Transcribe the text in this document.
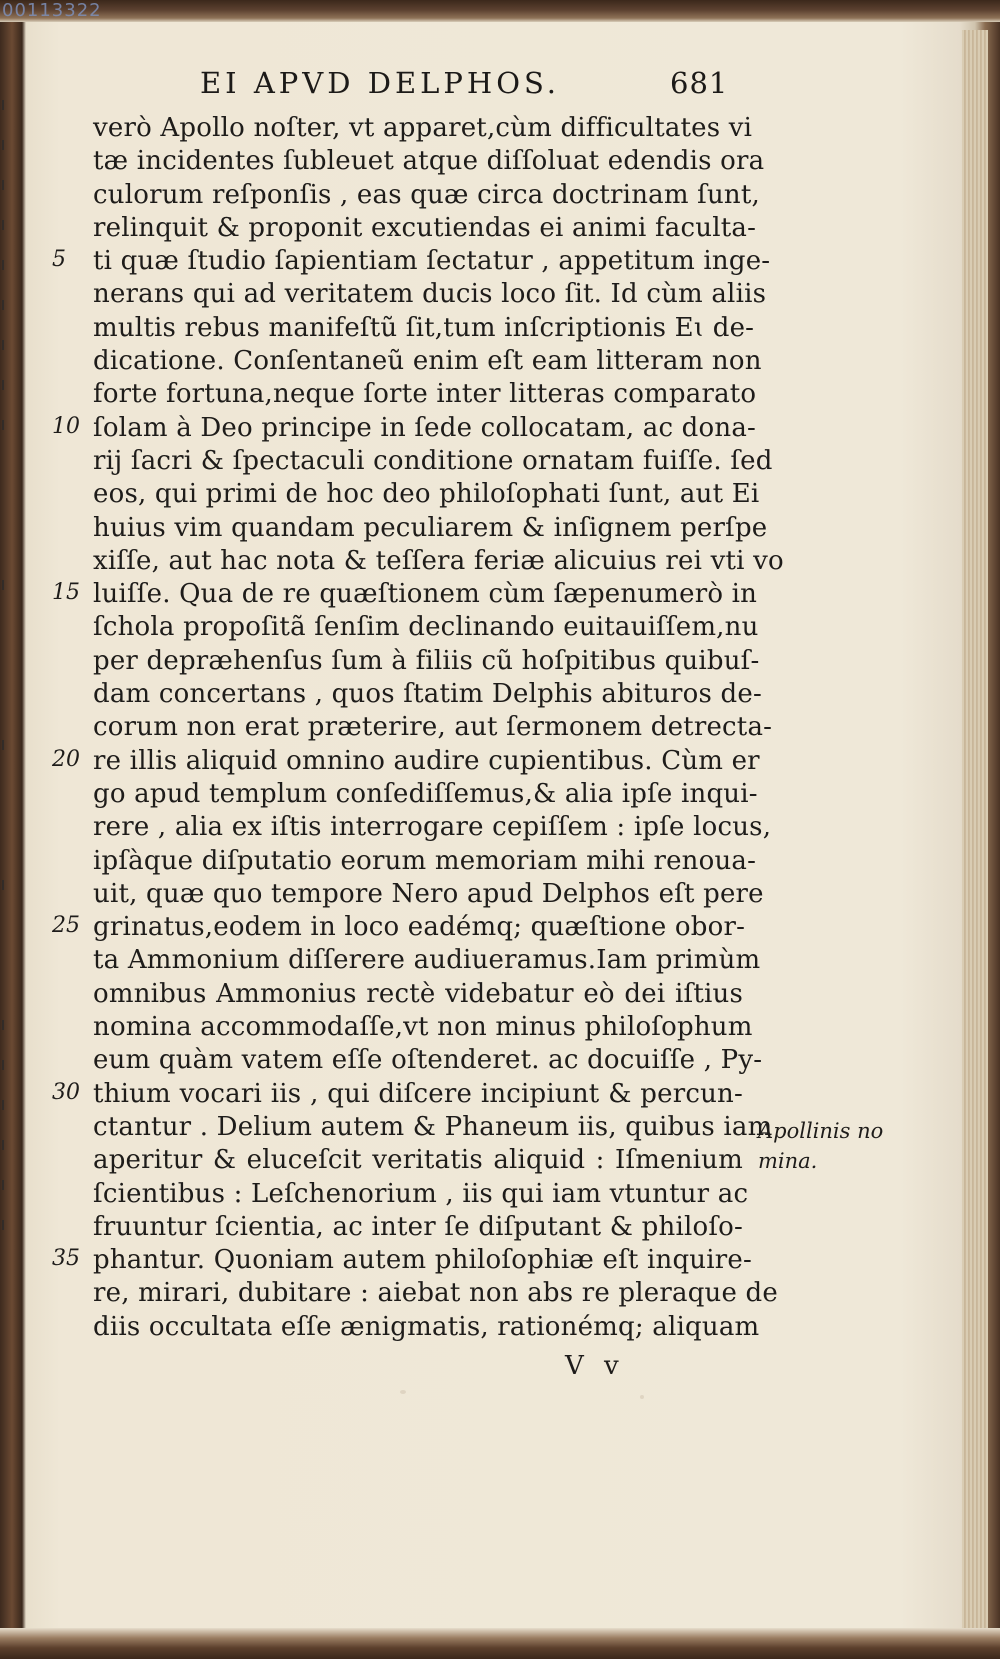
00113322
EI APVD DELPHOS.	681
verò Apollo noſter, vt apparet,cùm difficultates vi
tæ incidentes ſubleuet atque diſſoluat edendis ora
culorum reſponſis , eas quæ circa doctrinam ſunt,
relinquit & proponit excutiendas ei animi faculta-
ti quæ ſtudio ſapientiam ſectatur , appetitum inge-
nerans qui ad veritatem ducis loco ſit. Id cùm aliis
multis rebus manifeſtũ ſit,tum inſcriptionis Eɩ de-
dicatione. Conſentaneũ enim eſt eam litteram non
forte fortuna,neque ſorte inter litteras comparato
ſolam à Deo principe in ſede collocatam, ac dona-
rij ſacri & ſpectaculi conditione ornatam fuiſſe. ſed
eos, qui primi de hoc deo philoſophati ſunt, aut Ei
huius vim quandam peculiarem & inſignem perſpe
xiſſe, aut hac nota & teſſera feriæ alicuius rei vti vo
luiſſe. Qua de re quæſtionem cùm ſæpenumerò in
ſchola propoſitã ſenſim declinando euitauiſſem,nu
per depræhenſus ſum à filiis cũ hoſpitibus quibuſ-
dam concertans , quos ſtatim Delphis abituros de-
corum non erat præterire, aut ſermonem detrecta-
re illis aliquid omnino audire cupientibus. Cùm er
go apud templum conſediſſemus,& alia ipſe inqui-
rere , alia ex iſtis interrogare cepiſſem : ipſe locus,
ipſàque diſputatio eorum memoriam mihi renoua-
uit, quæ quo tempore Nero apud Delphos eſt pere
grinatus,eodem in loco eadémq; quæſtione obor-
ta Ammonium diſſerere audiueramus.Iam primùm
omnibus Ammonius rectè videbatur eò dei iſtius
nomina accommodaſſe,vt non minus philoſophum
eum quàm vatem eſſe oſtenderet. ac docuiſſe , Py-
thium vocari iis , qui diſcere incipiunt & percun-
ctantur . Delium autem & Phaneum iis, quibus iam
aperitur & eluceſcit veritatis aliquid : Iſmenium
ſcientibus : Leſchenorium , iis qui iam vtuntur ac
fruuntur ſcientia, ac inter ſe diſputant & philoſo-
phantur. Quoniam autem philoſophiæ eſt inquire-
re, mirari, dubitare : aiebat non abs re pleraque de
diis occultata eſſe ænigmatis, rationémq; aliquam
5
10
15
20
25
30
35
Apollinis no
mina.
V v
